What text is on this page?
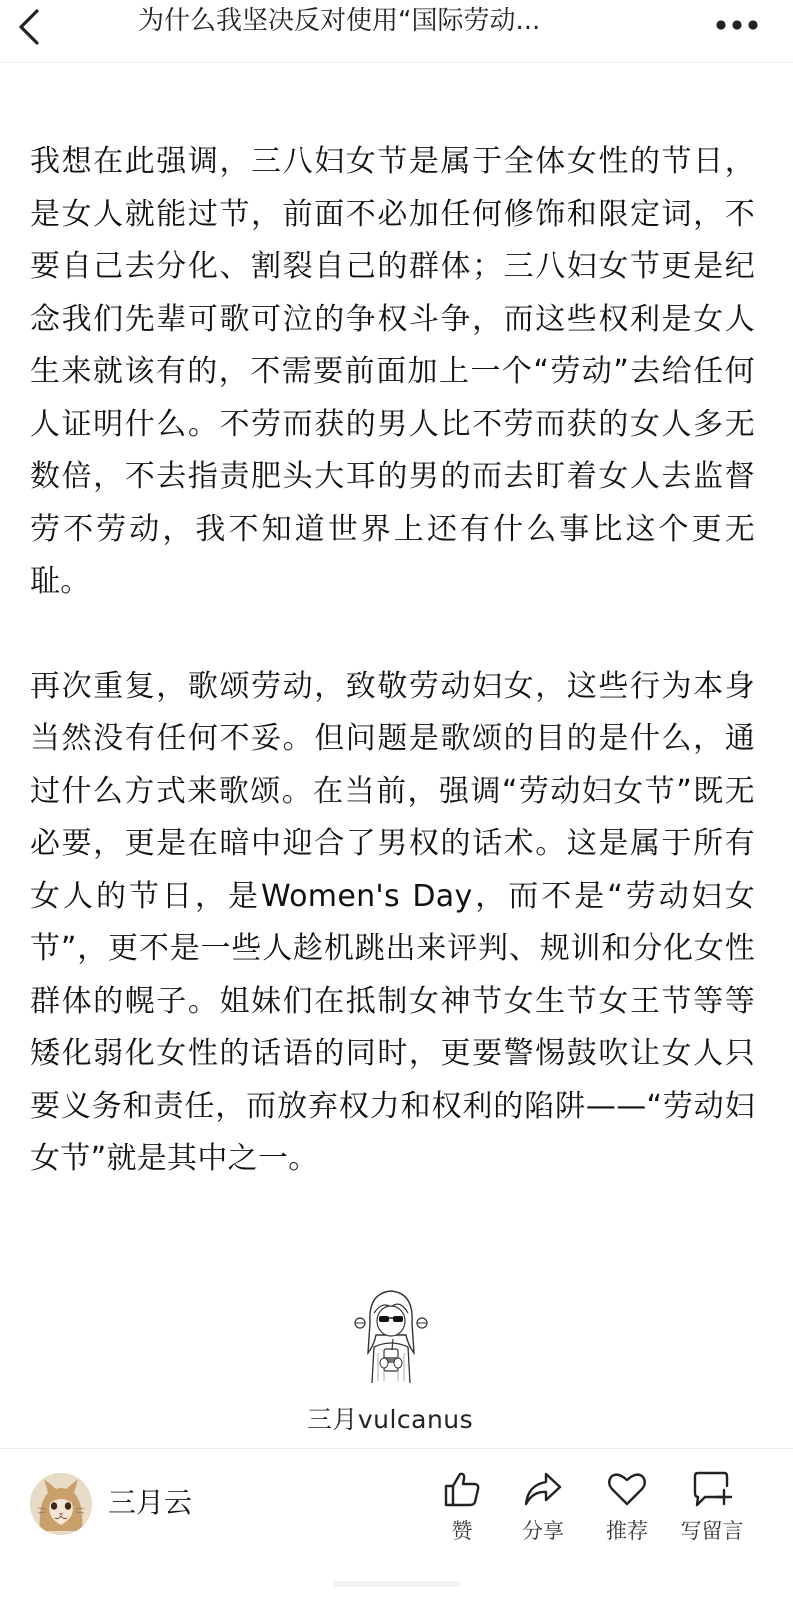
为什么我坚决反对使用“国际劳动...

我想在此强调，三八妇女节是属于全体女性的节日，是女人就能过节，前面不必加任何修饰和限定词，不要自己去分化、割裂自己的群体；三八妇女节更是纪念我们先辈可歌可泣的争权斗争，而这些权利是女人生来就该有的，不需要前面加上一个“劳动”去给任何人证明什么。不劳而获的男人比不劳而获的女人多无数倍，不去指责肥头大耳的男的而去盯着女人去监督劳不劳动，我不知道世界上还有什么事比这个更无耻。

再次重复，歌颂劳动，致敬劳动妇女，这些行为本身当然没有任何不妥。但问题是歌颂的目的是什么，通过什么方式来歌颂。在当前，强调“劳动妇女节”既无必要，更是在暗中迎合了男权的话术。这是属于所有女人的节日，是Women's Day，而不是“劳动妇女节”，更不是一些人趁机跳出来评判、规训和分化女性群体的幌子。姐妹们在抵制女神节女生节女王节等等矮化弱化女性的话语的同时，更要警惕鼓吹让女人只要义务和责任，而放弃权力和权利的陷阱——“劳动妇女节”就是其中之一。

三月vulcanus
三月云
赞	分享	推荐	写留言
